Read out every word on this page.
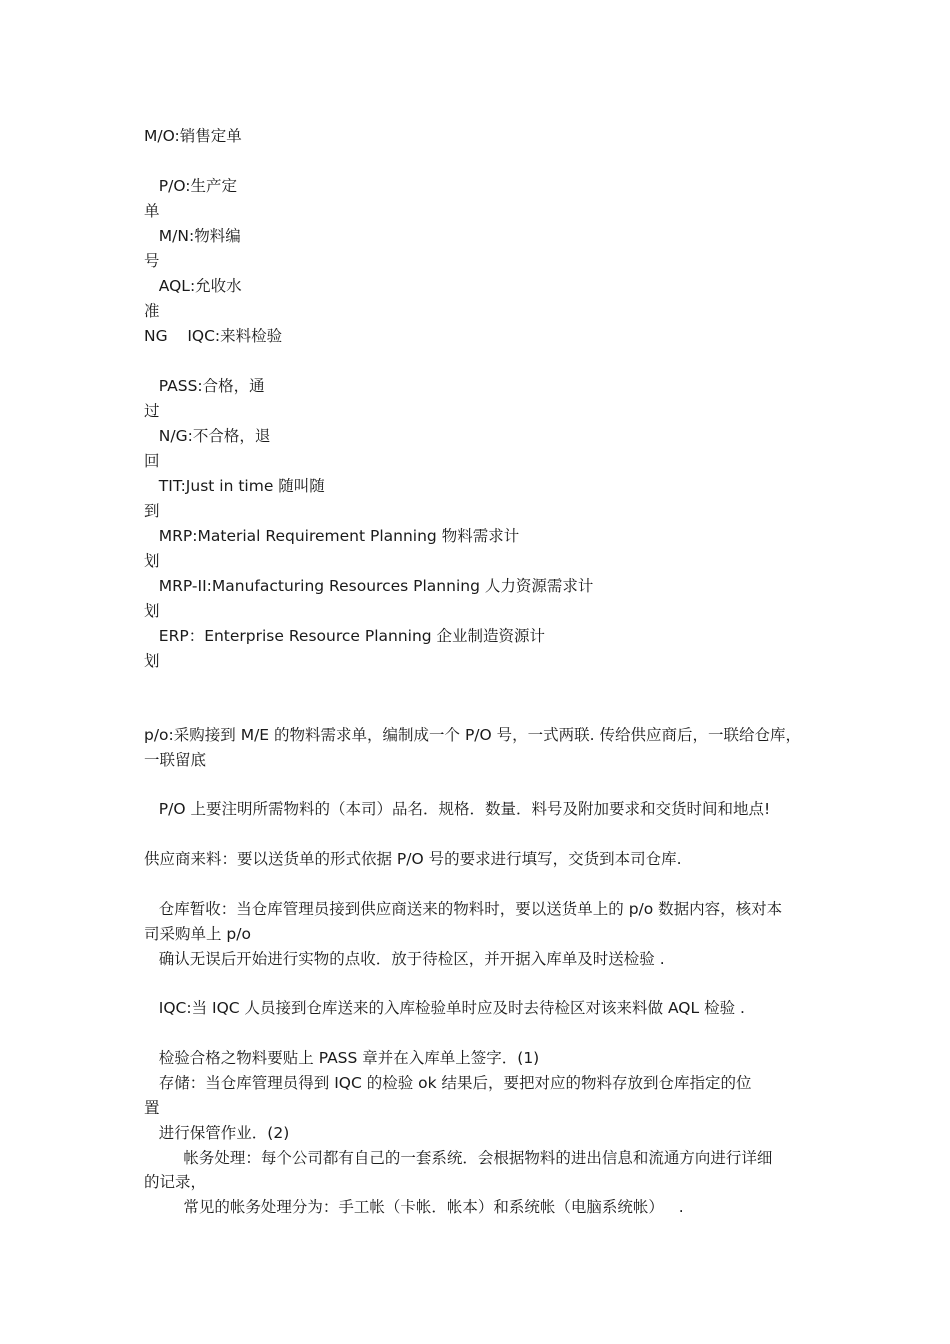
M/O:销售定单
P/O:生产定
单
M/N:物料编
号
AQL:允收水
准
NG    IQC:来料检验
PASS:合格，通
过
N/G:不合格，退
回
TIT:Just in time 随叫随
到
MRP:Material Requirement Planning 物料需求计
划
MRP-II:Manufacturing Resources Planning 人力资源需求计
划
ERP：Enterprise Resource Planning 企业制造资源计
划
p/o:采购接到 M/E 的物料需求单，编制成一个 P/O 号，一式两联. 传给供应商后，一联给仓库，
一联留底
P/O 上要注明所需物料的（本司）品名．规格．数量．料号及附加要求和交货时间和地点!
供应商来料：要以送货单的形式依据 P/O 号的要求进行填写，交货到本司仓库.
仓库暂收：当仓库管理员接到供应商送来的物料时，要以送货单上的 p/o 数据内容，核对本
司采购单上 p/o
确认无误后开始进行实物的点收．放于待检区，并开据入库单及时送检验 .
IQC:当 IQC 人员接到仓库送来的入库检验单时应及时去待检区对该来料做 AQL 检验 .
检验合格之物料要贴上 PASS 章并在入库单上签字．(1)
存储：当仓库管理员得到 IQC 的检验 ok 结果后，要把对应的物料存放到仓库指定的位
置
进行保管作业．(2)
帐务处理：每个公司都有自己的一套系统．会根据物料的进出信息和流通方向进行详细
的记录，
常见的帐务处理分为：手工帐（卡帐．帐本）和系统帐（电脑系统帐）   .
